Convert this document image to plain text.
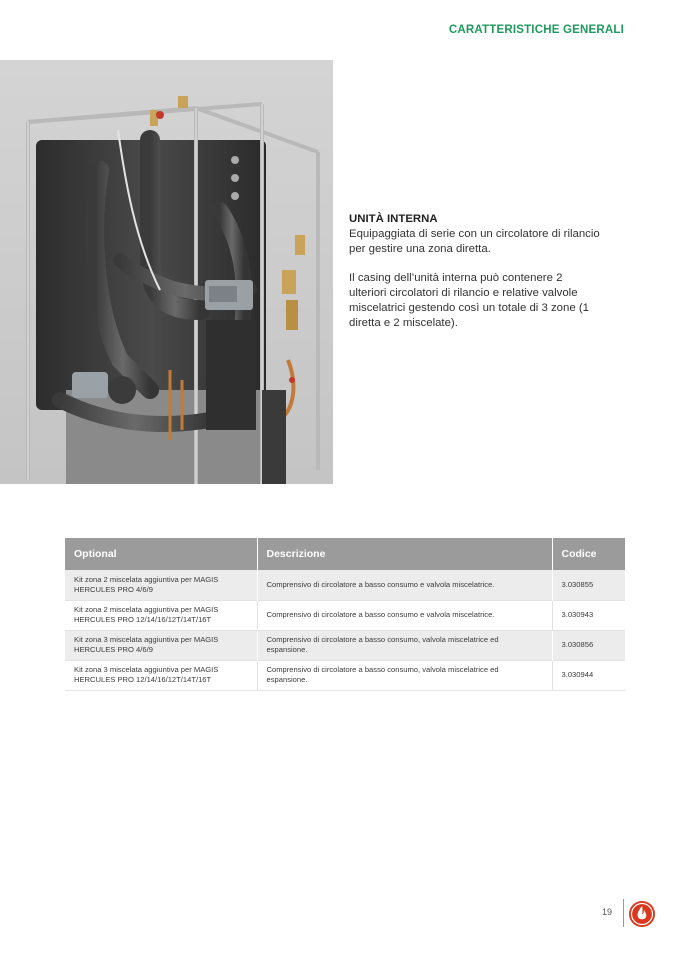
CARATTERISTICHE GENERALI

UNITÀ INTERNA

Equipaggiata di serie con un circolatore di rilancio

per gestire una zona diretta.

Il casing dell’unità interna può contenere 2

ulteriori circolatori di rilancio e relative valvole

miscelatrici gestendo così un totale di 3 zone (1

diretta e 2 miscelate).

Optional	Descrizione	Codice
Kit zona 2 miscelata aggiuntiva per MAGIS
HERCULES PRO 4/6/9	Comprensivo di circolatore a basso consumo e valvola miscelatrice.	3.030855
Kit zona 2 miscelata aggiuntiva per MAGIS
HERCULES PRO 12/14/16/12T/14T/16T	Comprensivo di circolatore a basso consumo e valvola miscelatrice.	3.030943
Kit zona 3 miscelata aggiuntiva per MAGIS
HERCULES PRO 4/6/9	Comprensivo di circolatore a basso consumo, valvola miscelatrice ed
espansione.	3.030856
Kit zona 3 miscelata aggiuntiva per MAGIS
HERCULES PRO 12/14/16/12T/14T/16T	Comprensivo di circolatore a basso consumo, valvola miscelatrice ed
espansione.	3.030944
19
